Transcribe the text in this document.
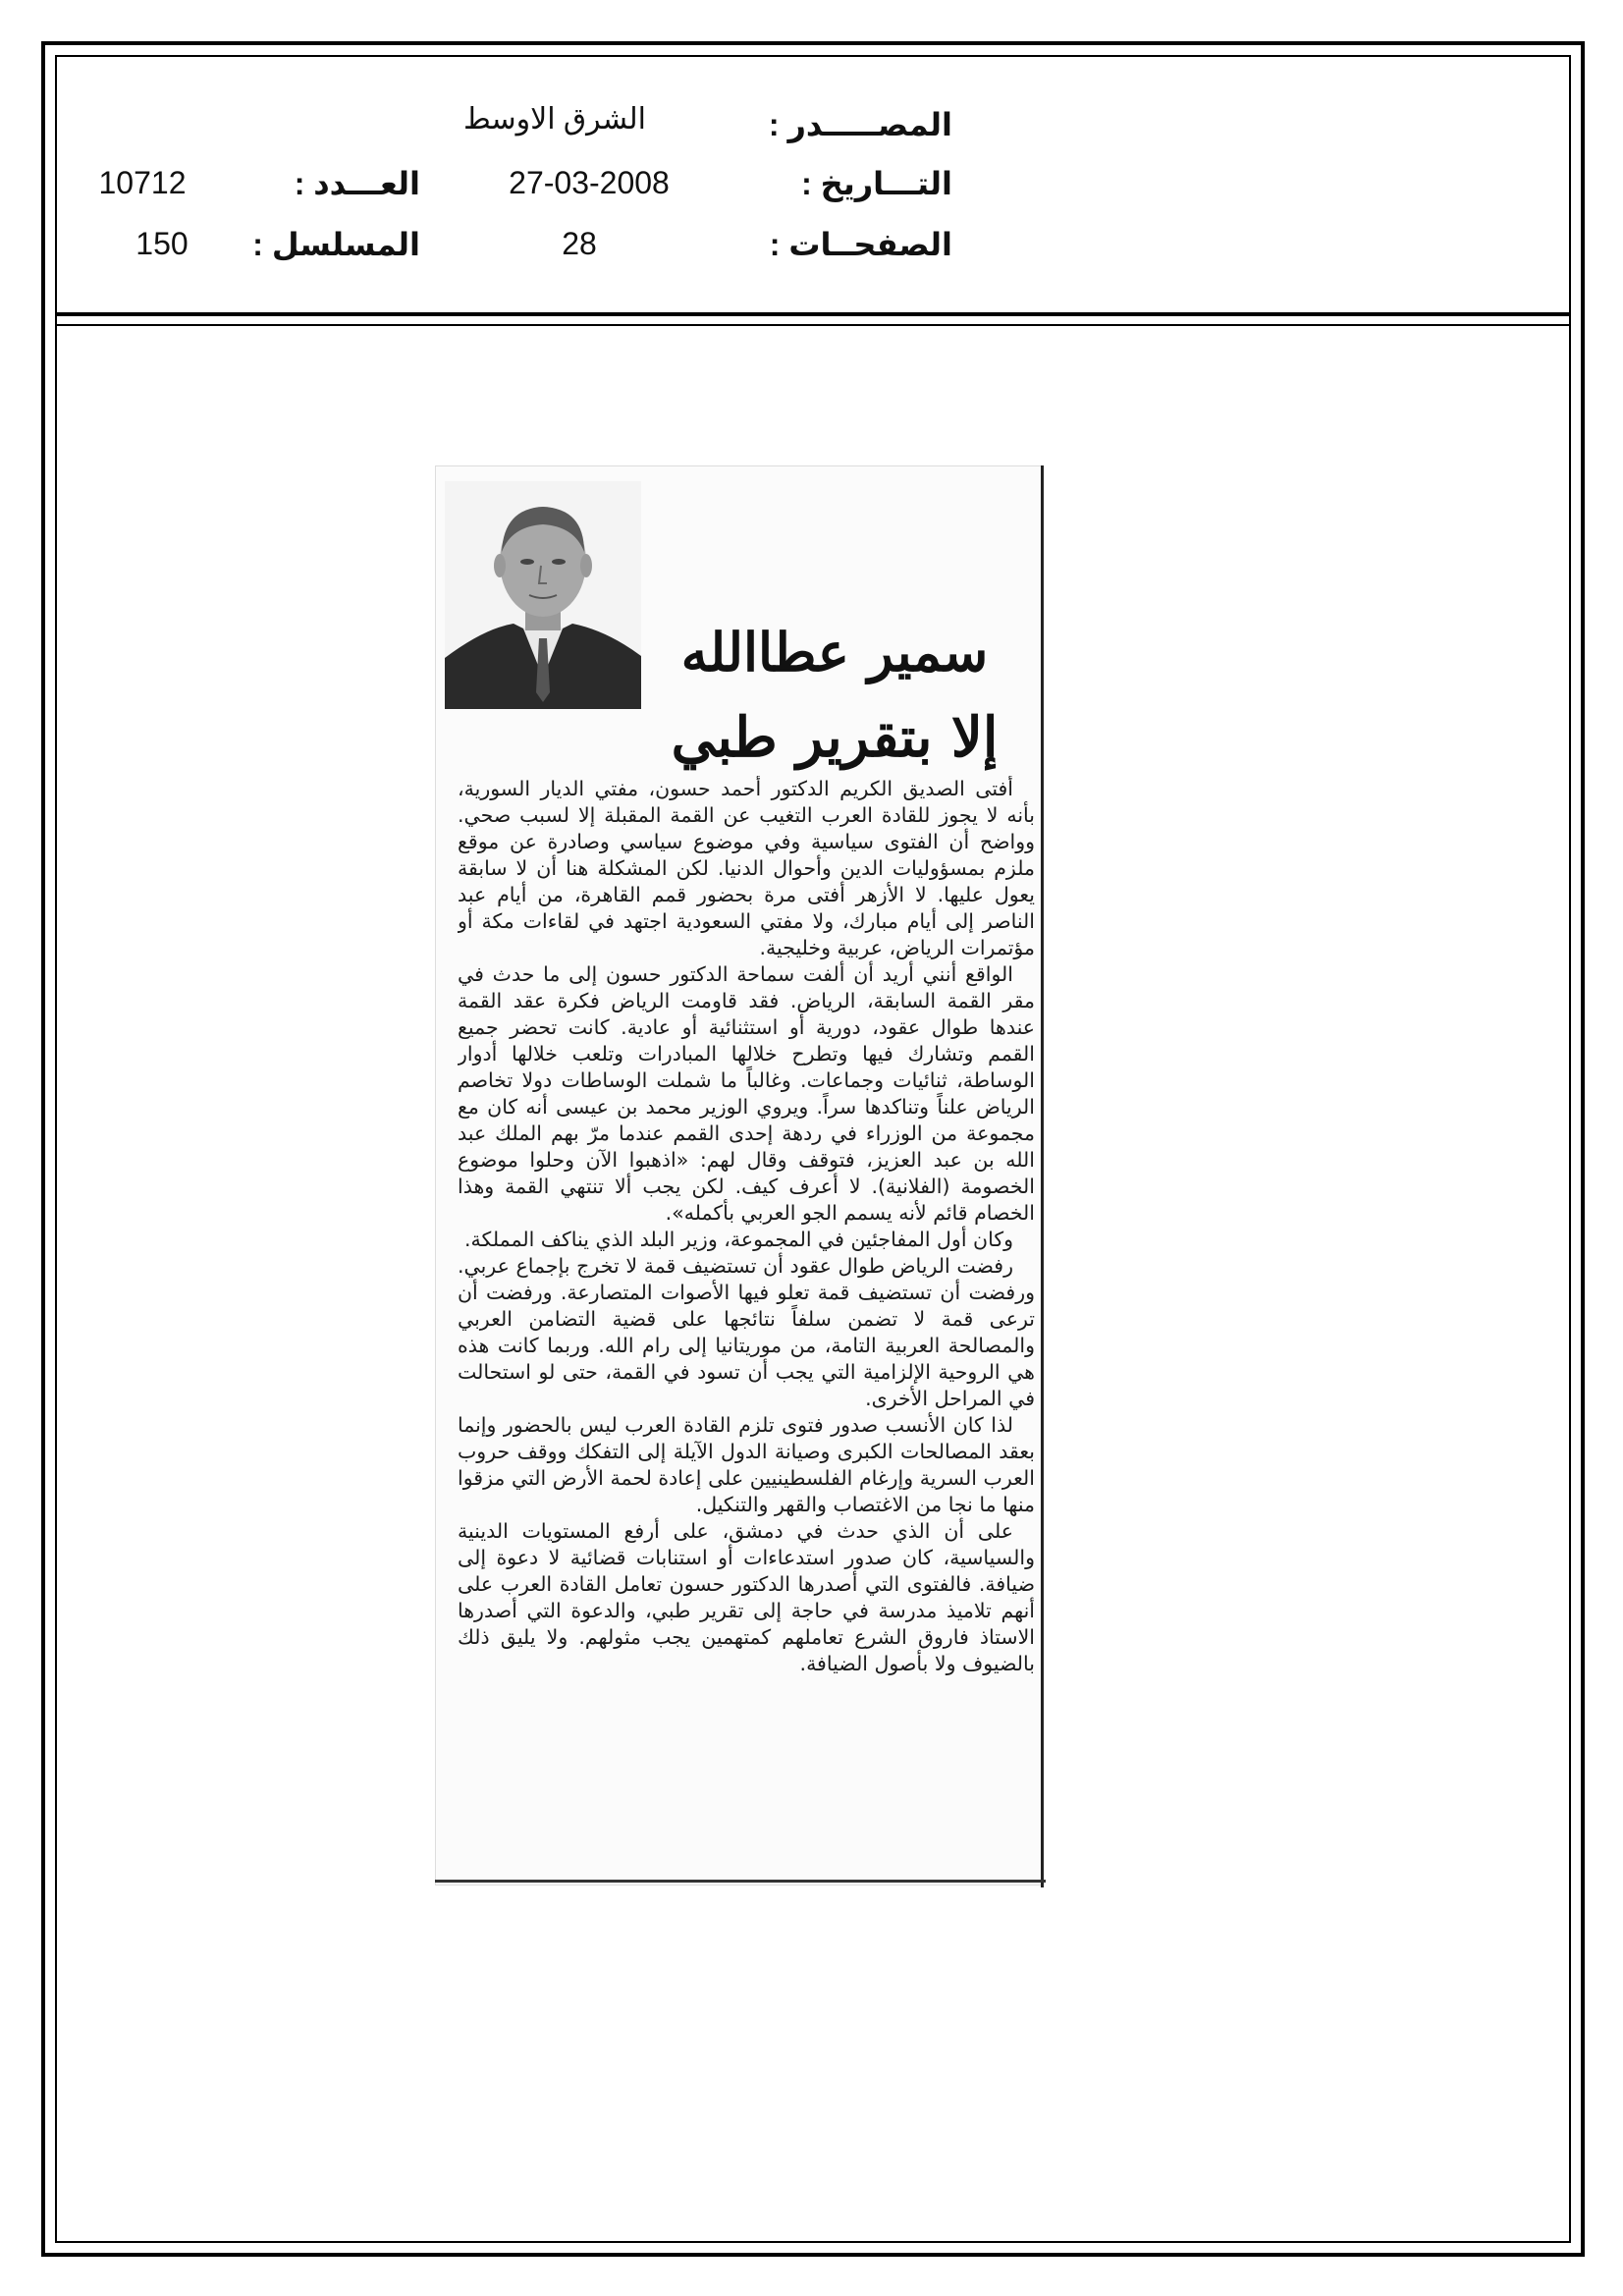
المصـــــدر :
الشرق الاوسط
التـــاريخ :
27-03-2008
الصفحــات :
28
العـــدد :
10712
المسلسل :
150
سمير عطاالله
إلا بتقرير طبي

أفتى الصديق الكريم الدكتور أحمد حسون، مفتي الديار السورية، بأنه لا يجوز للقادة العرب التغيب عن القمة المقبلة إلا لسبب صحي. وواضح أن الفتوى سياسية وفي موضوع سياسي وصادرة عن موقع ملزم بمسؤوليات الدين وأحوال الدنيا. لكن المشكلة هنا أن لا سابقة يعول عليها. لا الأزهر أفتى مرة بحضور قمم القاهرة، من أيام عبد الناصر إلى أيام مبارك، ولا مفتي السعودية اجتهد في لقاءات مكة أو مؤتمرات الرياض، عربية وخليجية.

الواقع أنني أريد أن ألفت سماحة الدكتور حسون إلى ما حدث في مقر القمة السابقة، الرياض. فقد قاومت الرياض فكرة عقد القمة عندها طوال عقود، دورية أو استثنائية أو عادية. كانت تحضر جميع القمم وتشارك فيها وتطرح خلالها المبادرات وتلعب خلالها أدوار الوساطة، ثنائيات وجماعات. وغالباً ما شملت الوساطات دولا تخاصم الرياض علناً وتناكدها سراً. ويروي الوزير محمد بن عيسى أنه كان مع مجموعة من الوزراء في ردهة إحدى القمم عندما مرّ بهم الملك عبد الله بن عبد العزيز، فتوقف وقال لهم: «اذهبوا الآن وحلوا موضوع الخصومة (الفلانية). لا أعرف كيف. لكن يجب ألا تنتهي القمة وهذا الخصام قائم لأنه يسمم الجو العربي بأكمله».

وكان أول المفاجئين في المجموعة، وزير البلد الذي يناكف المملكة.

رفضت الرياض طوال عقود أن تستضيف قمة لا تخرج بإجماع عربي. ورفضت أن تستضيف قمة تعلو فيها الأصوات المتصارعة. ورفضت أن ترعى قمة لا تضمن سلفاً نتائجها على قضية التضامن العربي والمصالحة العربية التامة، من موريتانيا إلى رام الله. وربما كانت هذه هي الروحية الإلزامية التي يجب أن تسود في القمة، حتى لو استحالت في المراحل الأخرى.

لذا كان الأنسب صدور فتوى تلزم القادة العرب ليس بالحضور وإنما بعقد المصالحات الكبرى وصيانة الدول الآيلة إلى التفكك ووقف حروب العرب السرية وإرغام الفلسطينيين على إعادة لحمة الأرض التي مزقوا منها ما نجا من الاغتصاب والقهر والتنكيل.

على أن الذي حدث في دمشق، على أرفع المستويات الدينية والسياسية، كان صدور استدعاءات أو استنابات قضائية لا دعوة إلى ضيافة. فالفتوى التي أصدرها الدكتور حسون تعامل القادة العرب على أنهم تلاميذ مدرسة في حاجة إلى تقرير طبي، والدعوة التي أصدرها الاستاذ فاروق الشرع تعاملهم كمتهمين يجب مثولهم. ولا يليق ذلك بالضيوف ولا بأصول الضيافة.
